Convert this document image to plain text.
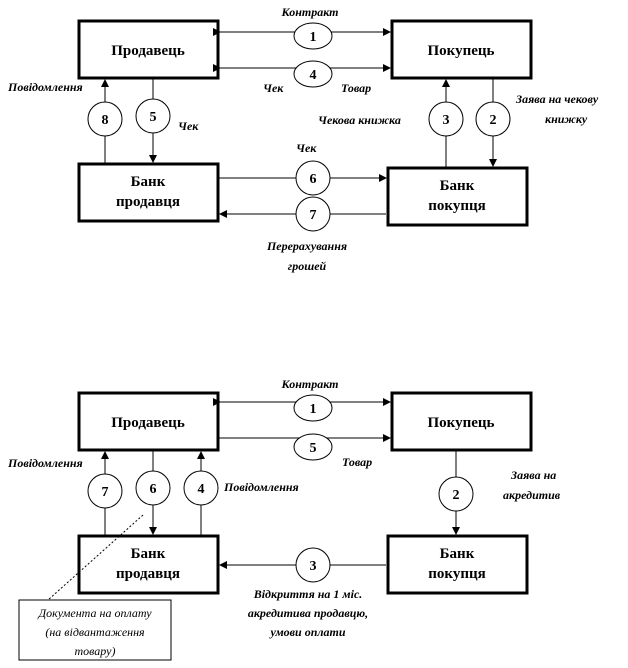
Продавець	Покупець
Банк
продавця
Банк
покупця
1
4
8	5	3	2
6
7
Контракт
Чек	Товар
Повідомлення
Чек	Чекова книжка
Заява на чекову
книжку
Чек
Перерахування
грошей
Продавець	Покупець
Банк
продавця
Банк
покупця
1
5
7	6	4	2
3
Контракт
Товар
Повідомлення
Повідомлення
Заява на
акредитив
Відкриття на 1 міс.
акредитива продавцю,
умови оплати
Документа на оплату
(на відвантаження
товару)
